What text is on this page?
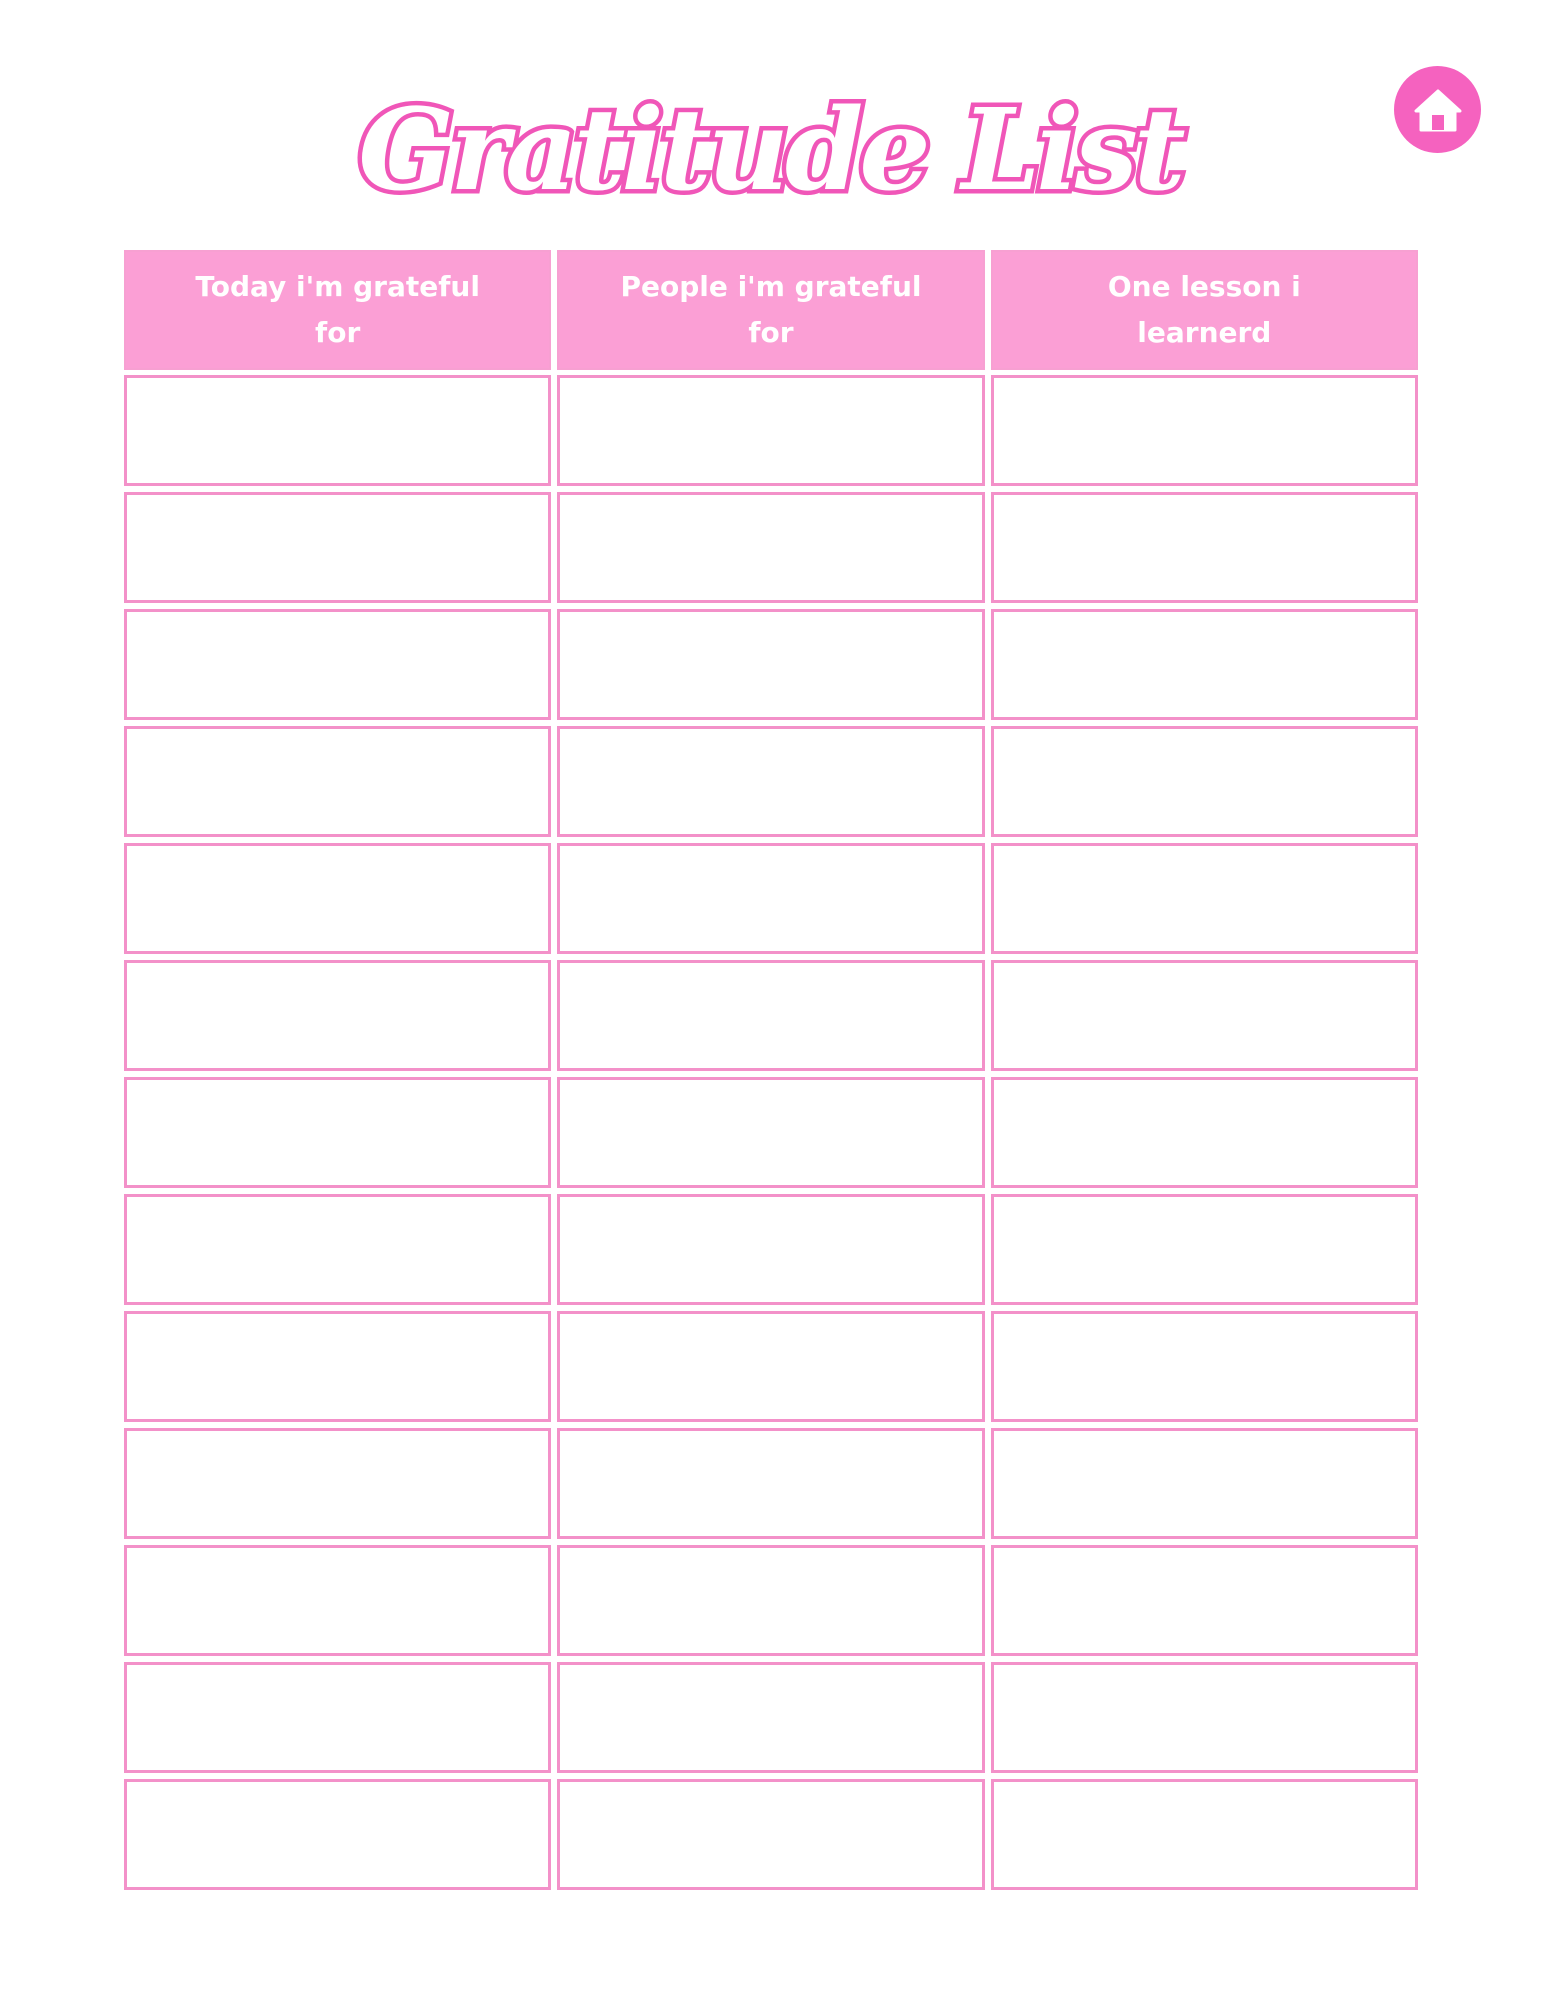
Gratitude List
Today i'm grateful for
People i'm grateful for
One lesson i learnerd
